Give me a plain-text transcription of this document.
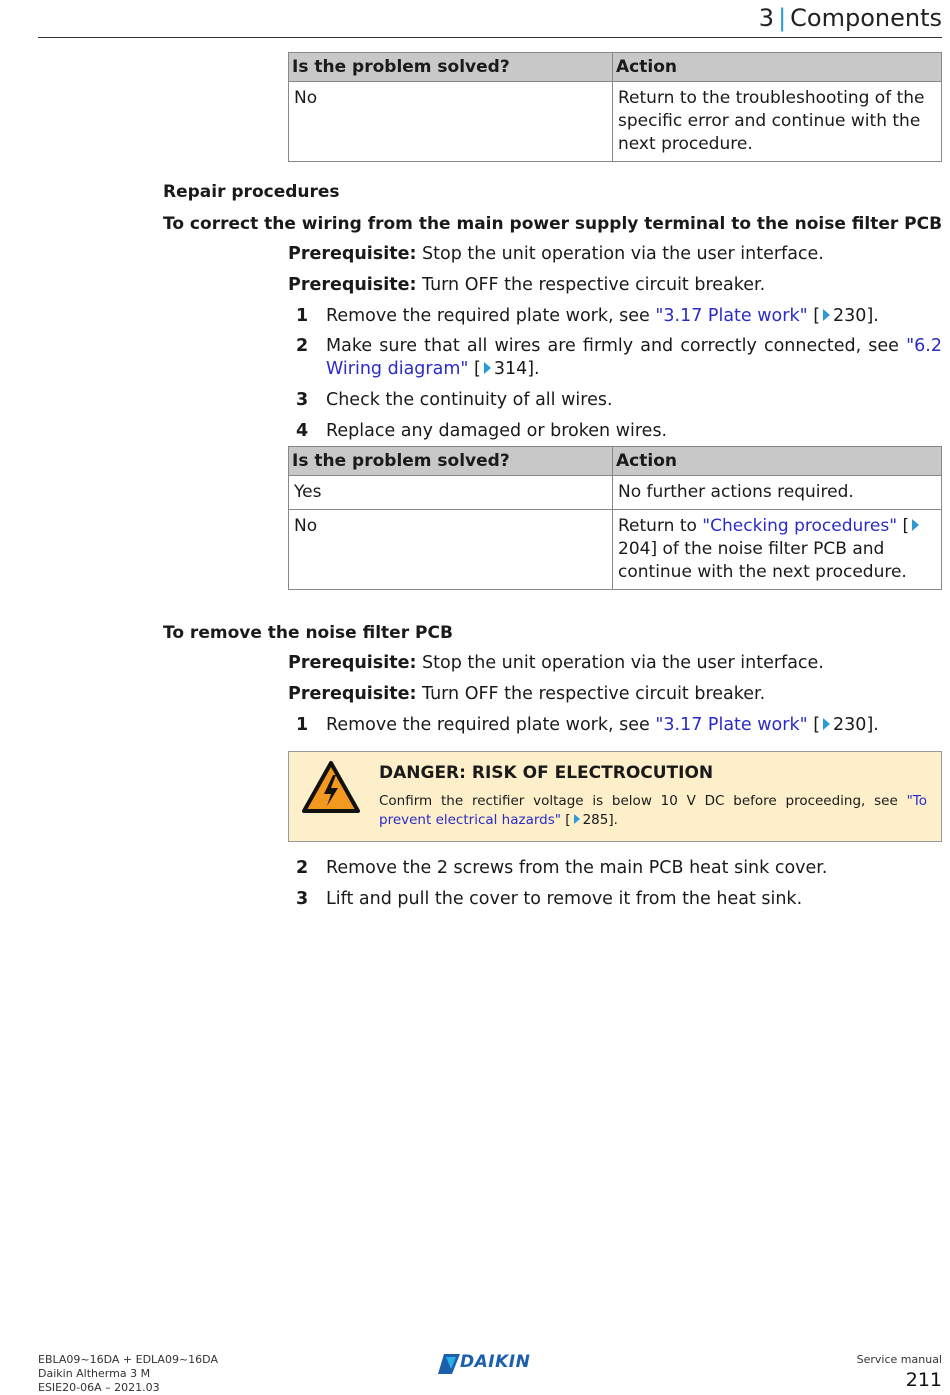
3 | Components
Is the problem solved?	Action
No	Return to the troubleshooting of the specific error and continue with the next procedure.
Repair procedures
To correct the wiring from the main power supply terminal to the noise filter PCB
Prerequisite: Stop the unit operation via the user interface.
Prerequisite: Turn OFF the respective circuit breaker.
1 Remove the required plate work, see "3.17 Plate work" [ 230].
2 Make sure that all wires are firmly and correctly connected, see "6.2 Wiring diagram" [ 314].
3 Check the continuity of all wires.
4 Replace any damaged or broken wires.
Is the problem solved?	Action
Yes	No further actions required.
No	Return to "Checking procedures" [204] of the noise filter PCB and continue with the next procedure.
To remove the noise filter PCB
Prerequisite: Stop the unit operation via the user interface.
Prerequisite: Turn OFF the respective circuit breaker.
1 Remove the required plate work, see "3.17 Plate work" [ 230].
DANGER: RISK OF ELECTROCUTION
Confirm the rectifier voltage is below 10 V DC before proceeding, see "To prevent electrical hazards" [ 285].
2 Remove the 2 screws from the main PCB heat sink cover.
3 Lift and pull the cover to remove it from the heat sink.
EBLA09~16DA + EDLA09~16DA
Daikin Altherma 3 M
ESIE20-06A – 2021.03
DAIKIN	Service manual
211
